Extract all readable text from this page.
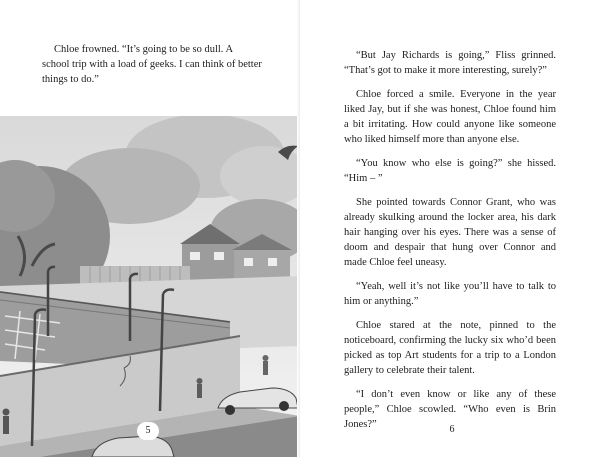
Chloe frowned. “It’s going to be so dull. A school trip with a load of geeks. I can think of better things to do.”

5

“But Jay Richards is going,” Fliss grinned. “That’s got to make it more interesting, surely?”

Chloe forced a smile. Everyone in the year liked Jay, but if she was honest, Chloe found him a bit irritating. How could anyone like someone who liked himself more than anyone else.

“You know who else is going?” she hissed. “Him – ”

She pointed towards Connor Grant, who was already skulking around the locker area, his dark hair hanging over his eyes. There was a sense of doom and despair that hung over Connor and made Chloe feel uneasy.

“Yeah, well it’s not like you’ll have to talk to him or anything.”

Chloe stared at the note, pinned to the noticeboard, confirming the lucky six who’d been picked as top Art students for a trip to a London gallery to celebrate their talent.

“I don’t even know or like any of these people,” Chloe scowled. “Who even is Brin Jones?”	6
